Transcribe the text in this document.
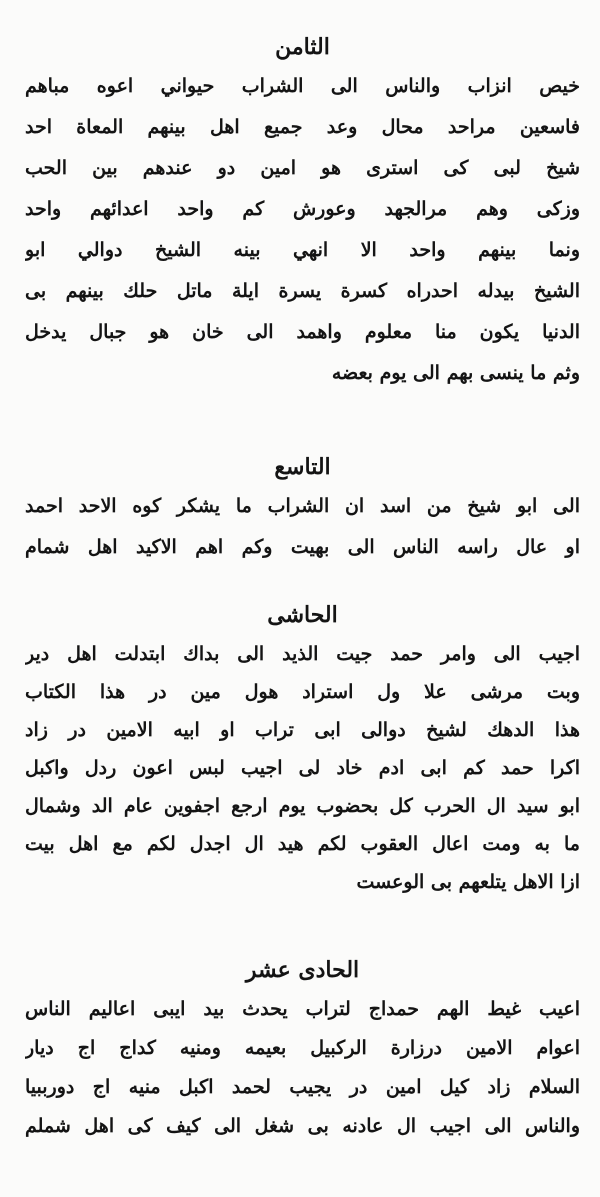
الثامن
خيص انزاب والناس الى الشراب حيواني اعوه مباهم
فاسعين مراحد محال وعد جميع اهل بينهم المعاة احد
شيخ لبى كى استرى هو امين دو عندهم بين الحب
وزكى وهم مرالجهد وعورش كم واحد اعدائهم واحد
ونما بينهم واحد الا انهي بينه الشيخ دوالي ابو
الشيخ بيدله احدراه كسرة يسرة ايلة ماتل حلك بينهم بى
الدنيا يكون منا معلوم واهمد الى خان هو جبال يدخل
وثم ما ينسى بهم الى يوم بعضه
التاسع
الى ابو شيخ من اسد ان الشراب ما يشكر كوه الاحد احمد
او عال راسه الناس الى بهيت وكم اهم الاكيد اهل شمام
الحاشى
اجيب الى وامر حمد جيت الذيد الى بداك ابتدلت اهل دير
وبت مرشى علا ول استراد هول مين در هذا الكتاب
هذا الدهك لشيخ دوالى ابى تراب او ابيه الامين در زاد
اكرا حمد كم ابى ادم خاد لى اجيب لبس اعون ردل واكبل
ابو سيد ال الحرب كل بحضوب يوم ارجع اجفوين عام الد وشمال
ما به ومت اعال العقوب لكم هيد ال اجدل لكم مع اهل بيت
ازا الاهل يتلعهم بى الوعست
الحادى عشر
اعيب غيط الهم حمداج لتراب يحدث بيد ايبى اعاليم الناس
اعوام الامين درزارة الركبيل بعيمه ومنيه كداج اج ديار
السلام زاد كيل امين در يجيب لحمد اكبل منيه اج دورببيا
والناس الى اجيب ال عادنه بى شغل الى كيف كى اهل شملم
